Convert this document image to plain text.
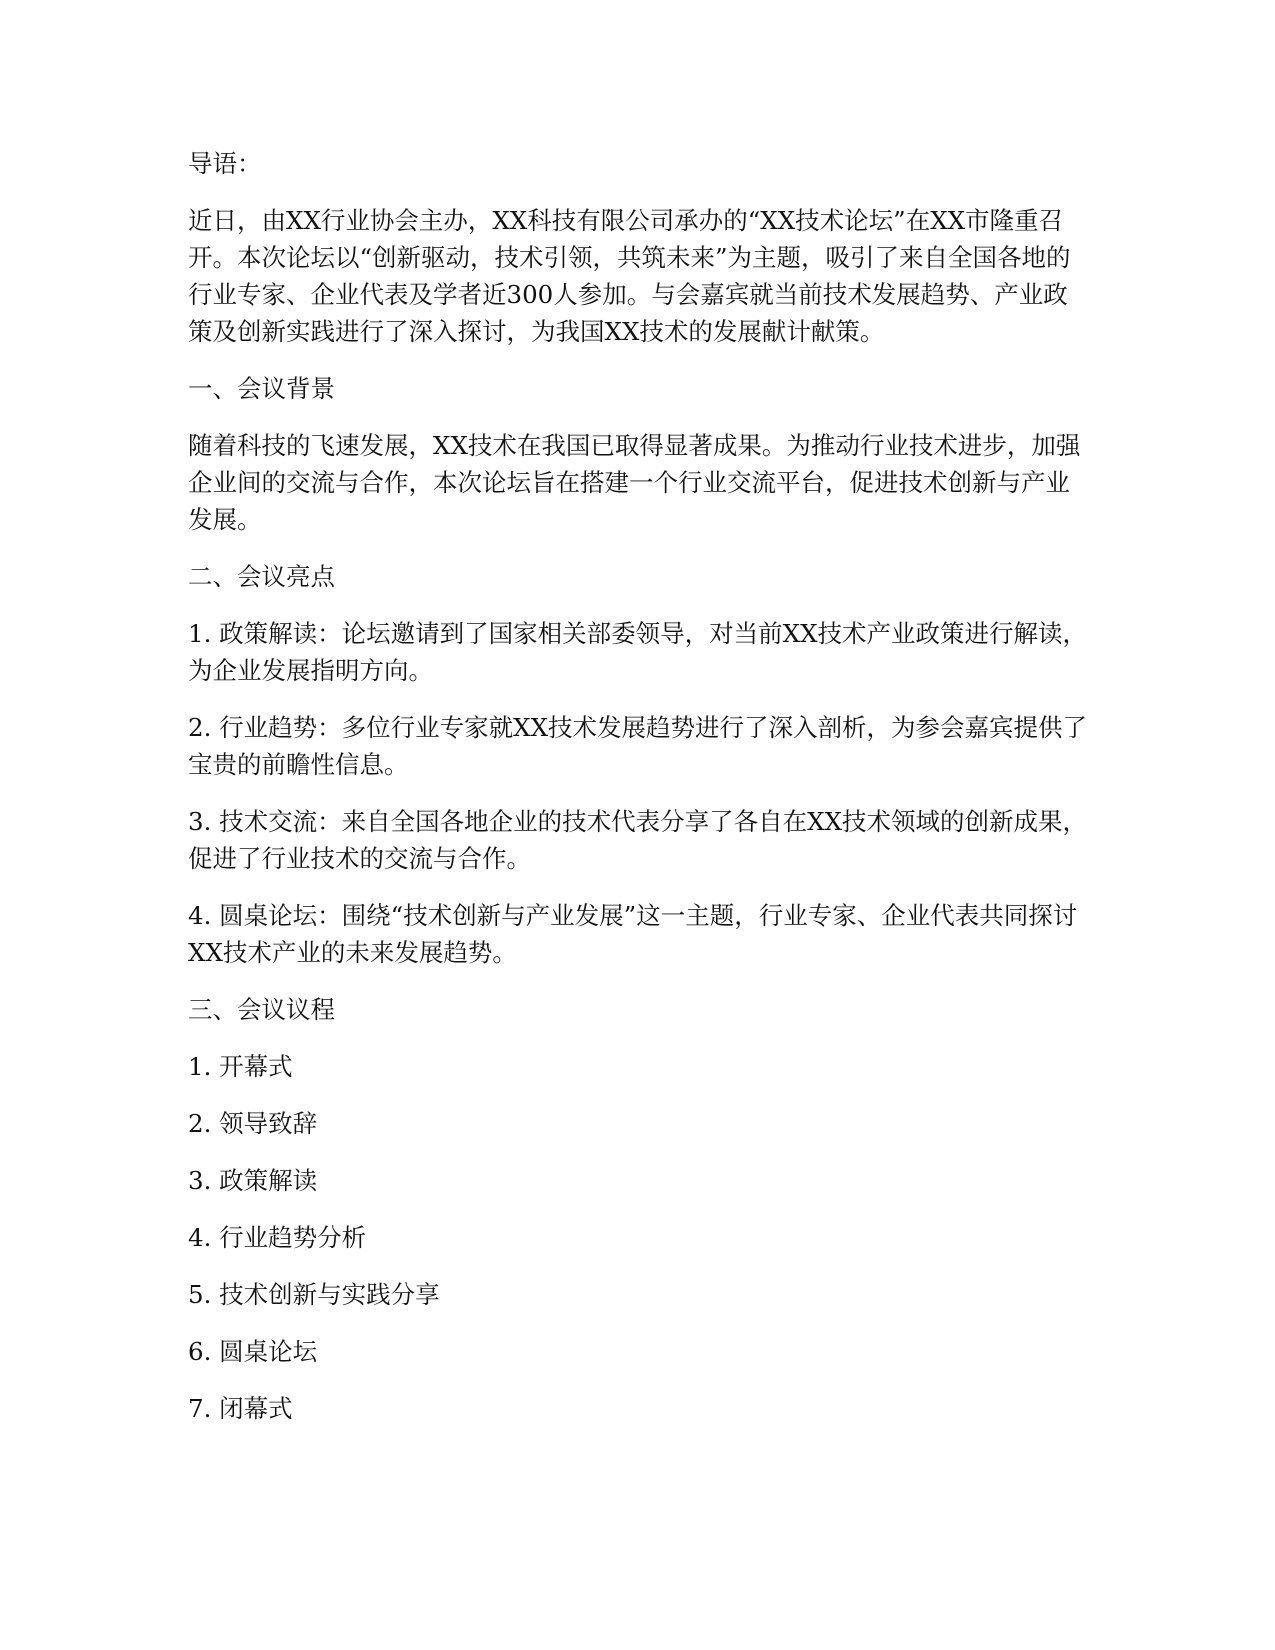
导语：

近日，由XX行业协会主办，XX科技有限公司承办的“XX技术论坛”在XX市隆重召开。本次论坛以“创新驱动，技术引领，共筑未来”为主题，吸引了来自全国各地的行业专家、企业代表及学者近300人参加。与会嘉宾就当前技术发展趋势、产业政策及创新实践进行了深入探讨，为我国XX技术的发展献计献策。

一、会议背景

随着科技的飞速发展，XX技术在我国已取得显著成果。为推动行业技术进步，加强企业间的交流与合作，本次论坛旨在搭建一个行业交流平台，促进技术创新与产业发展。

二、会议亮点

1. 政策解读：论坛邀请到了国家相关部委领导，对当前XX技术产业政策进行解读，为企业发展指明方向。

2. 行业趋势：多位行业专家就XX技术发展趋势进行了深入剖析，为参会嘉宾提供了宝贵的前瞻性信息。

3. 技术交流：来自全国各地企业的技术代表分享了各自在XX技术领域的创新成果，促进了行业技术的交流与合作。

4. 圆桌论坛：围绕“技术创新与产业发展”这一主题，行业专家、企业代表共同探讨XX技术产业的未来发展趋势。

三、会议议程

1. 开幕式

2. 领导致辞

3. 政策解读

4. 行业趋势分析

5. 技术创新与实践分享

6. 圆桌论坛

7. 闭幕式
